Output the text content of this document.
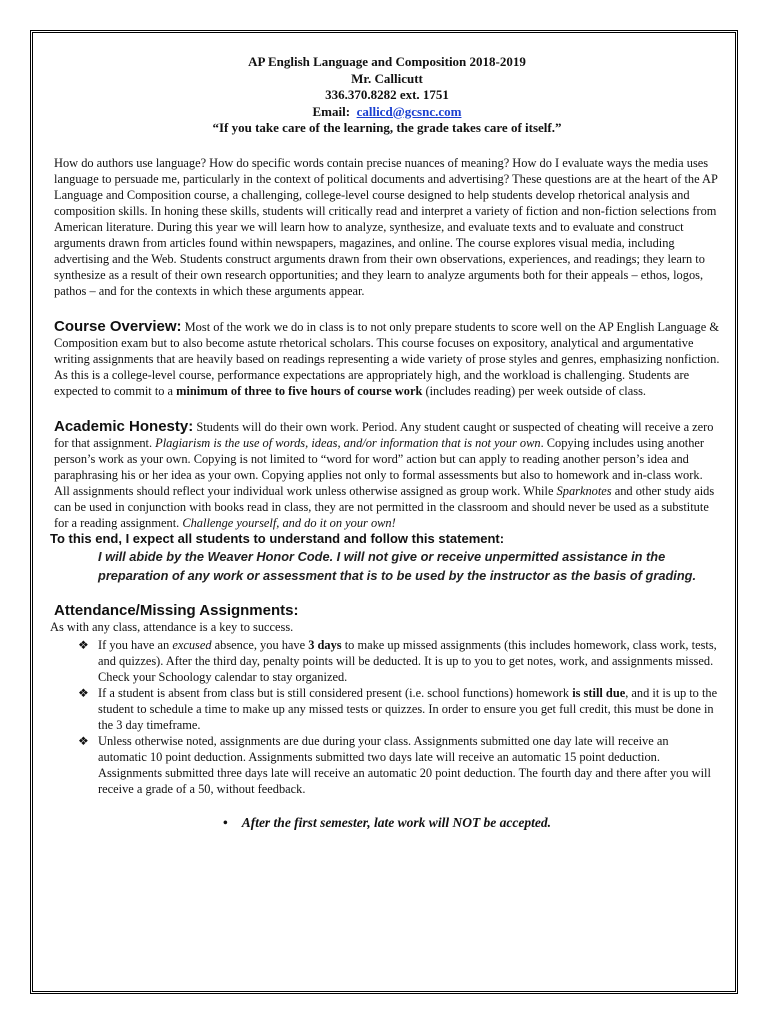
AP English Language and Composition 2018-2019
Mr. Callicutt
336.370.8282 ext. 1751
Email: callicd@gcsnc.com
“If you take care of the learning, the grade takes care of itself.”

How do authors use language? How do specific words contain precise nuances of meaning? How do I evaluate ways the media uses language to persuade me, particularly in the context of political documents and advertising? These questions are at the heart of the AP Language and Composition course, a challenging, college-level course designed to help students develop rhetorical analysis and composition skills. In honing these skills, students will critically read and interpret a variety of fiction and non-fiction selections from American literature. During this year we will learn how to analyze, synthesize, and evaluate texts and to evaluate and construct arguments drawn from articles found within newspapers, magazines, and online. The course explores visual media, including advertising and the Web. Students construct arguments drawn from their own observations, experiences, and readings; they learn to synthesize as a result of their own research opportunities; and they learn to analyze arguments both for their appeals – ethos, logos, pathos – and for the contexts in which these arguments appear.

Course Overview: Most of the work we do in class is to not only prepare students to score well on the AP English Language & Composition exam but to also become astute rhetorical scholars. This course focuses on expository, analytical and argumentative writing assignments that are heavily based on readings representing a wide variety of prose styles and genres, emphasizing nonfiction. As this is a college-level course, performance expectations are appropriately high, and the workload is challenging. Students are expected to commit to a minimum of three to five hours of course work (includes reading) per week outside of class.

Academic Honesty: Students will do their own work. Period. Any student caught or suspected of cheating will receive a zero for that assignment. Plagiarism is the use of words, ideas, and/or information that is not your own. Copying includes using another person’s work as your own. Copying is not limited to “word for word” action but can apply to reading another person’s idea and paraphrasing his or her idea as your own. Copying applies not only to formal assessments but also to homework and in-class work. All assignments should reflect your individual work unless otherwise assigned as group work. While Sparknotes and other study aids can be used in conjunction with books read in class, they are not permitted in the classroom and should never be used as a substitute for a reading assignment. Challenge yourself, and do it on your own!

To this end, I expect all students to understand and follow this statement:

I will abide by the Weaver Honor Code. I will not give or receive unpermitted assistance in the preparation of any work or assessment that is to be used by the instructor as the basis of grading.

Attendance/Missing Assignments:

As with any class, attendance is a key to success.

❖ If you have an excused absence, you have 3 days to make up missed assignments (this includes homework, class work, tests, and quizzes). After the third day, penalty points will be deducted. It is up to you to get notes, work, and assignments missed. Check your Schoology calendar to stay organized.
❖ If a student is absent from class but is still considered present (i.e. school functions) homework is still due, and it is up to the student to schedule a time to make up any missed tests or quizzes. In order to ensure you get full credit, this must be done in the 3 day timeframe.
❖ Unless otherwise noted, assignments are due during your class. Assignments submitted one day late will receive an automatic 10 point deduction. Assignments submitted two days late will receive an automatic 15 point deduction. Assignments submitted three days late will receive an automatic 20 point deduction. The fourth day and there after you will receive a grade of a 50, without feedback.

• After the first semester, late work will NOT be accepted.
